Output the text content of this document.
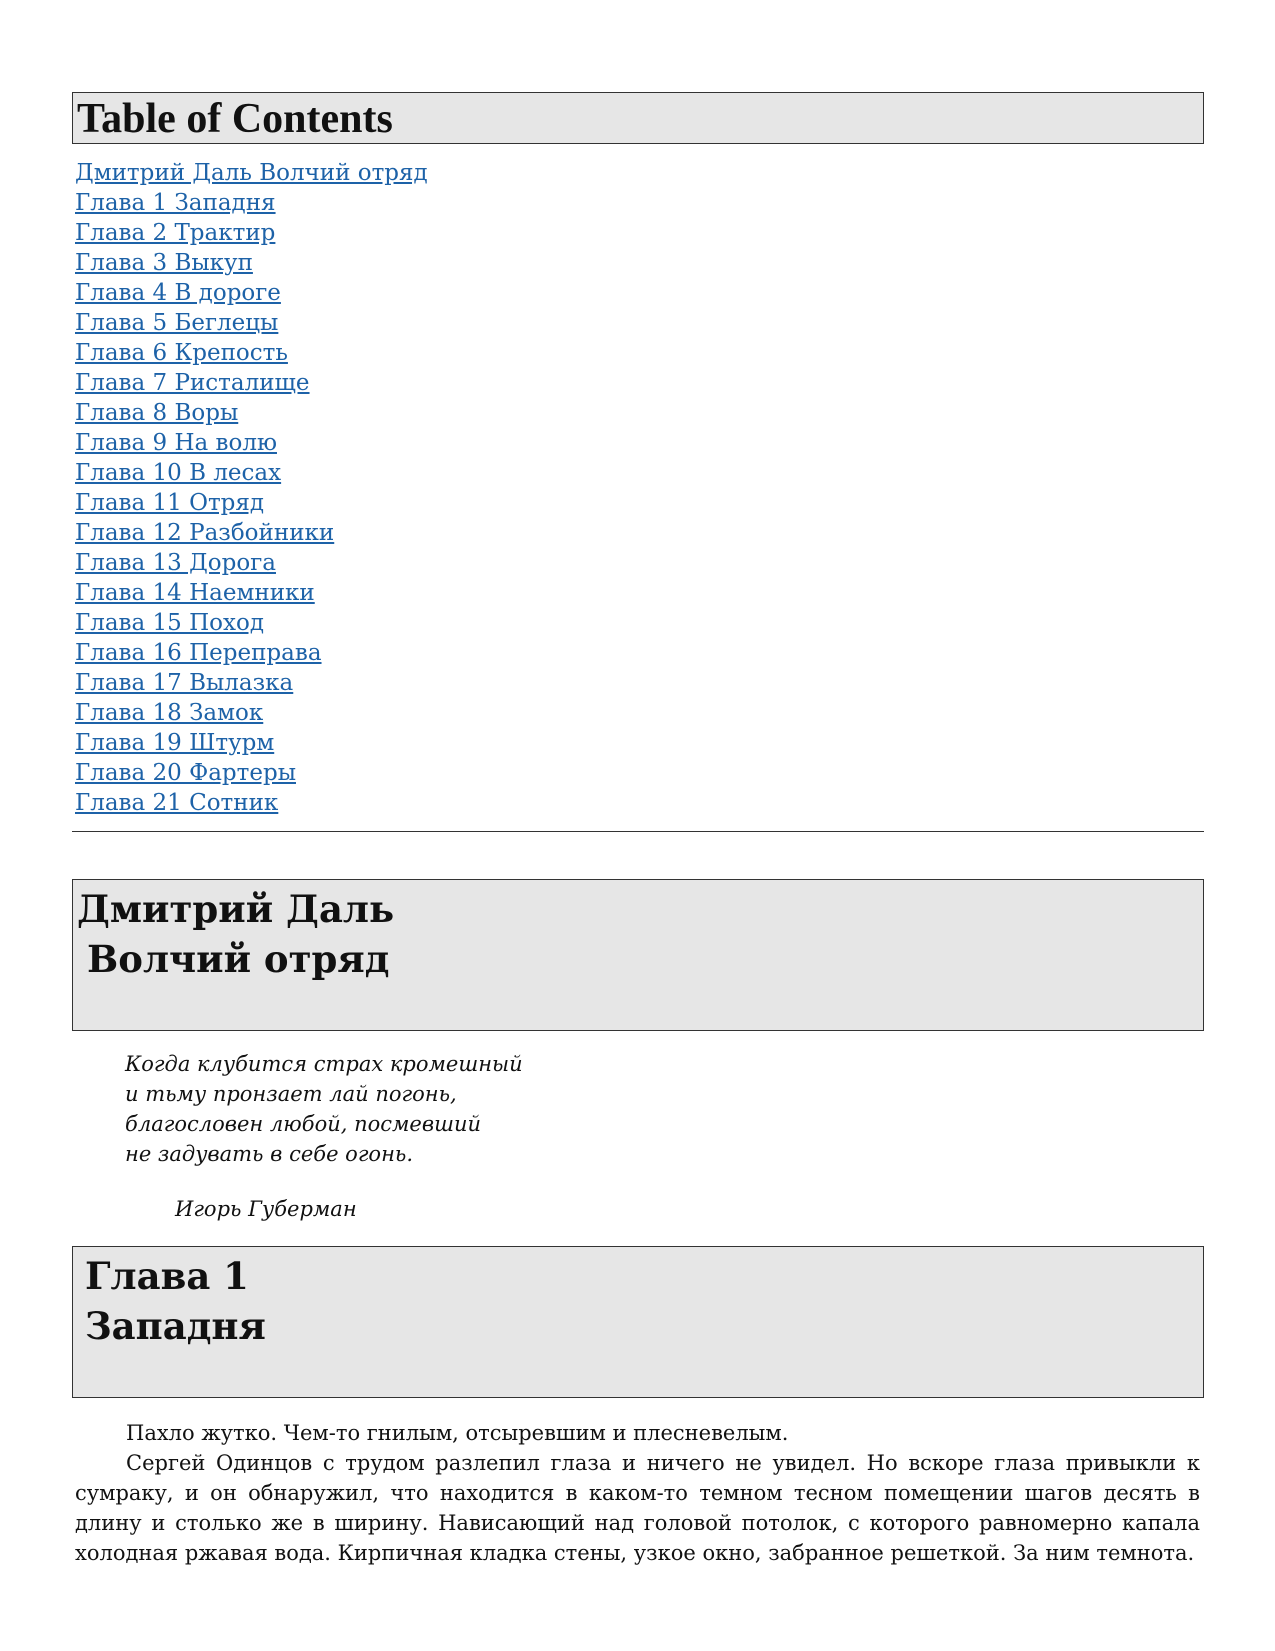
Table of Contents
Дмитрий Даль Волчий отряд
Глава 1 Западня
Глава 2 Трактир
Глава 3 Выкуп
Глава 4 В дороге
Глава 5 Беглецы
Глава 6 Крепость
Глава 7 Ристалище
Глава 8 Воры
Глава 9 На волю
Глава 10 В лесах
Глава 11 Отряд
Глава 12 Разбойники
Глава 13 Дорога
Глава 14 Наемники
Глава 15 Поход
Глава 16 Переправа
Глава 17 Вылазка
Глава 18 Замок
Глава 19 Штурм
Глава 20 Фартеры
Глава 21 Сотник
Дмитрий Даль
Волчий отряд

Когда клубится страх кромешный

и тьму пронзает лай погонь,

благословен любой, посмевший

не задувать в себе огонь.

Игорь Губерман

Глава 1
Западня

Пахло жутко. Чем-то гнилым, отсыревшим и плесневелым.

Сергей Одинцов с трудом разлепил глаза и ничего не увидел. Но вскоре глаза привыкли к сумраку, и он обнаружил, что находится в каком-то темном тесном помещении шагов десять в длину и столько же в ширину. Нависающий над головой потолок, с которого равномерно капала холодная ржавая вода. Кирпичная кладка стены, узкое окно, забранное решеткой. За ним темнота.
